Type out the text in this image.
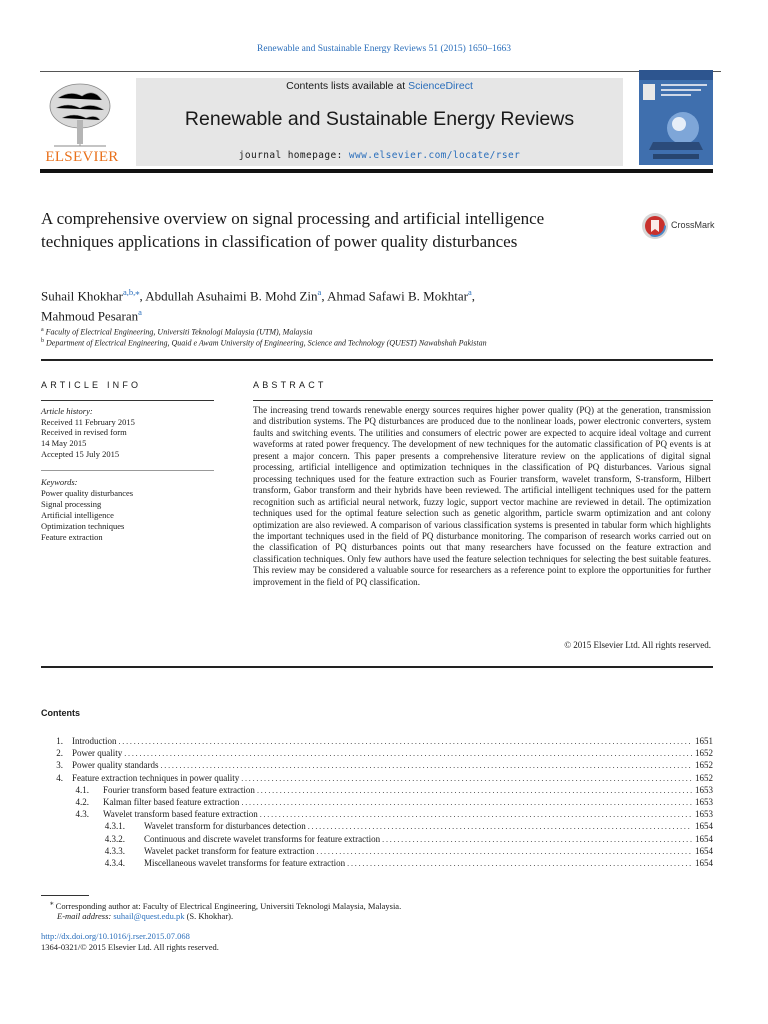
Renewable and Sustainable Energy Reviews 51 (2015) 1650–1663
ELSEVIER
Contents lists available at ScienceDirect
Renewable and Sustainable Energy Reviews
journal homepage: www.elsevier.com/locate/rser
A comprehensive overview on signal processing and artificial intelligence techniques applications in classification of power quality disturbances
CrossMark
Suhail Khokhar$^{a,b,⁎}$, Abdullah Asuhaimi B. Mohd Zin$^a$, Ahmad Safawi B. Mokhtar$^a$,
Mahmoud Pesaran$^a$
$^a$ Faculty of Electrical Engineering, Universiti Teknologi Malaysia (UTM), Malaysia
$^b$ Department of Electrical Engineering, Quaid e Awam University of Engineering, Science and Technology (QUEST) Nawabshah Pakistan
ARTICLE INFO
Article history:
Received 11 February 2015
Received in revised form
14 May 2015
Accepted 15 July 2015
Keywords:
Power quality disturbances
Signal processing
Artificial intelligence
Optimization techniques
Feature extraction
ABSTRACT
The increasing trend towards renewable energy sources requires higher power quality (PQ) at the generation, transmission and distribution systems. The PQ disturbances are produced due to the nonlinear loads, power electronic converters, system faults and switching events. The utilities and consumers of electric power are expected to acquire ideal voltage and current waveforms at rated power frequency. The development of new techniques for the automatic classification of PQ events is at present a major concern. This paper presents a comprehensive literature review on the applications of digital signal processing, artificial intelligence and optimization techniques in the classification of PQ disturbances. Various signal processing techniques used for the feature extraction such as Fourier transform, wavelet transform, S-transform, Hilbert transform, Gabor transform and their hybrids have been reviewed. The artificial intelligent techniques used for the pattern recognition such as artificial neural network, fuzzy logic, support vector machine are reviewed in detail. The optimization techniques used for the optimal feature selection such as genetic algorithm, particle swarm optimization and ant colony optimization are also reviewed. A comparison of various classification systems is presented in tabular form which highlights the important techniques used in the field of PQ disturbance monitoring. The comparison of research works carried out on the classification of PQ disturbances points out that many researchers have focussed on the feature extraction and classification techniques. Only few authors have used the feature selection techniques for selecting the best suitable features. This review may be considered a valuable source for researchers as a reference point to explore the opportunities for further improvement in the field of PQ classification.
© 2015 Elsevier Ltd. All rights reserved.
Contents
1. Introduction .....	1651
2. Power quality .....	1652
3. Power quality standards .....	1652
4. Feature extraction techniques in power quality .....	1652
4.1. Fourier transform based feature extraction .....	1653
4.2. Kalman filter based feature extraction .....	1653
4.3. Wavelet transform based feature extraction .....	1653
4.3.1. Wavelet transform for disturbances detection .....	1654
4.3.2. Continuous and discrete wavelet transforms for feature extraction .....	1654
4.3.3. Wavelet packet transform for feature extraction .....	1654
4.3.4. Miscellaneous wavelet transforms for feature extraction .....	1654
⁎ Corresponding author at: Faculty of Electrical Engineering, Universiti Teknologi Malaysia, Malaysia.
E-mail address: suhail@quest.edu.pk (S. Khokhar).
http://dx.doi.org/10.1016/j.rser.2015.07.068
1364-0321/© 2015 Elsevier Ltd. All rights reserved.
